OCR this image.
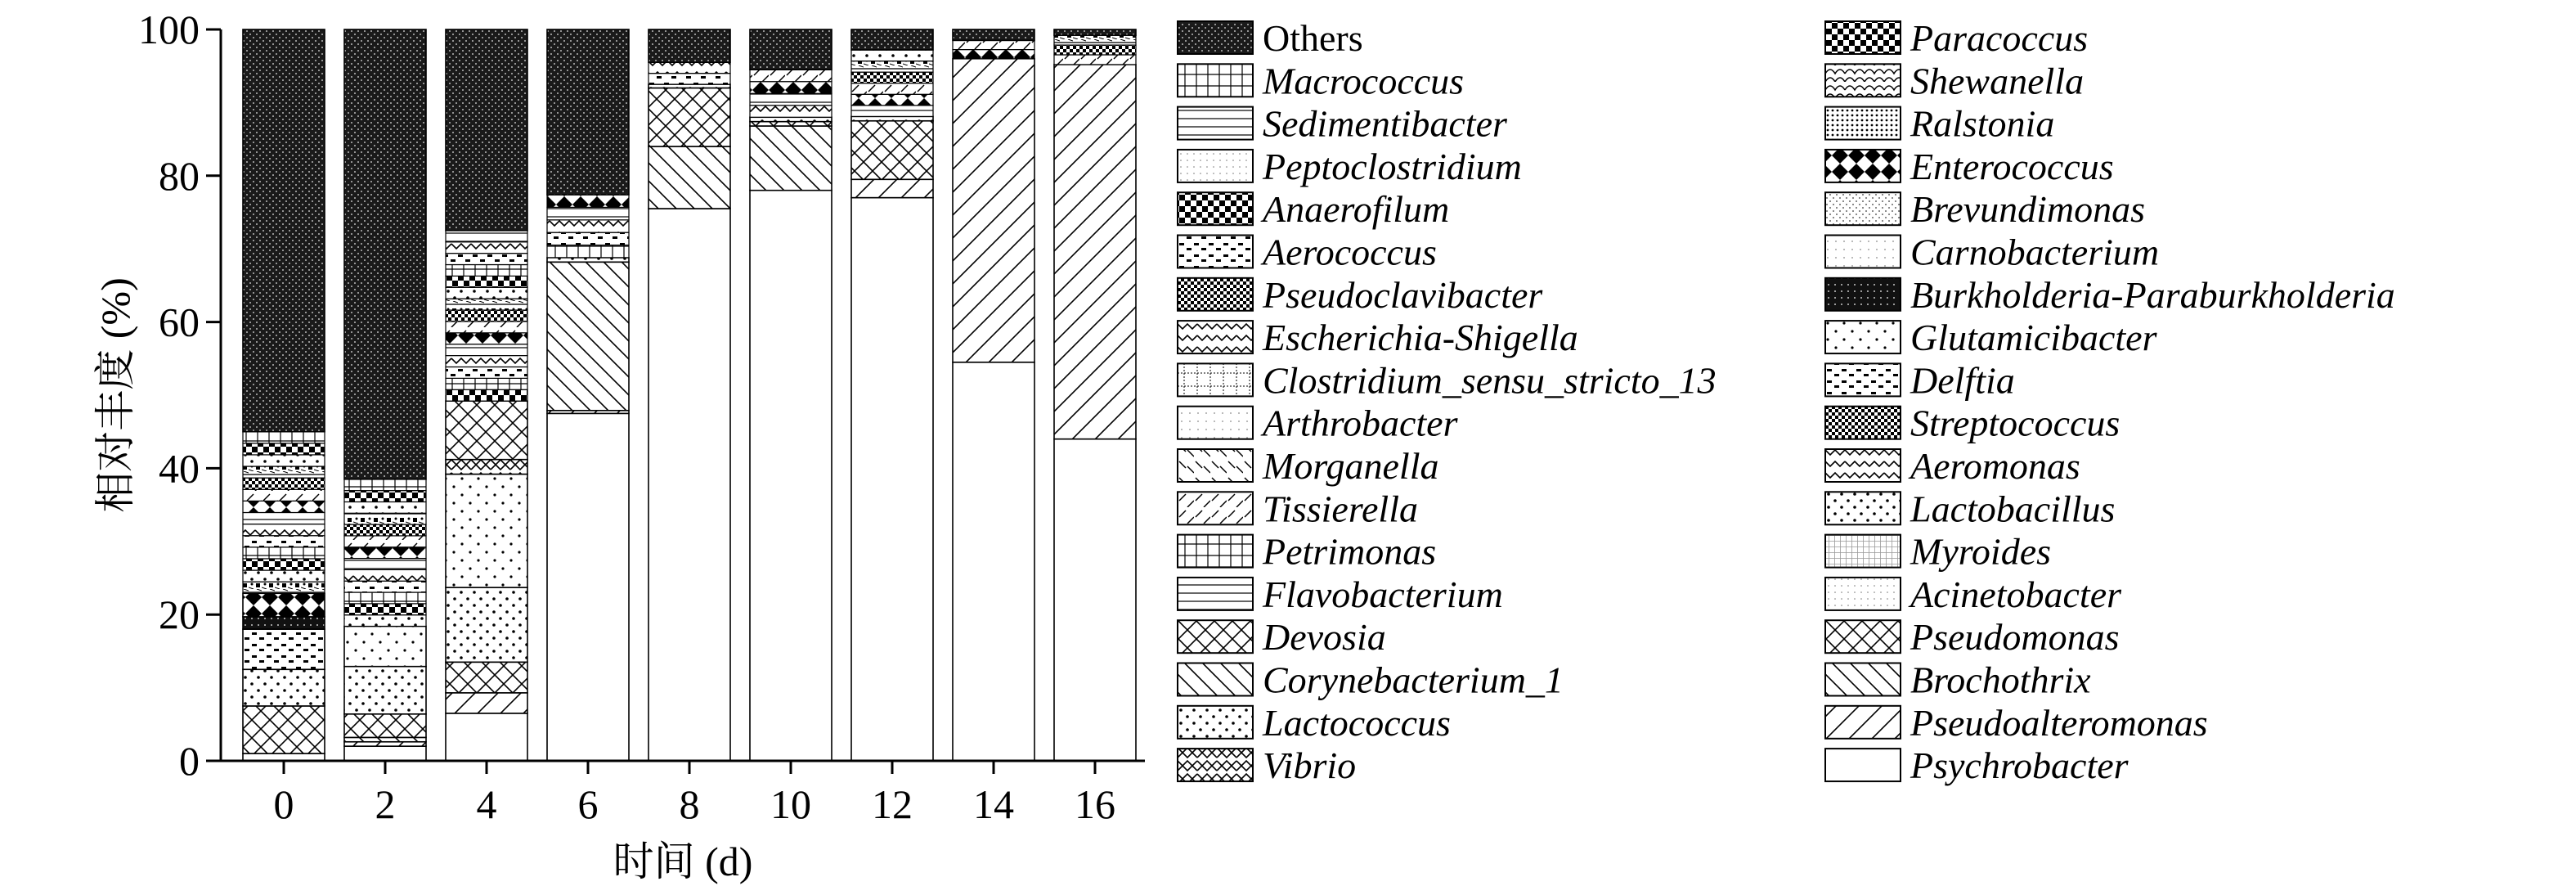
0
20
40
60
80
100
0 2 4 6 8 10 12 14 16
时间 (d)
相对丰度 (%)
Others
Macrococcus
Sedimentibacter
Peptoclostridium
Anaerofilum
Aerococcus
Pseudoclavibacter
Escherichia-Shigella
Clostridium_sensu_stricto_13
Arthrobacter
Morganella
Tissierella
Petrimonas
Flavobacterium
Devosia
Corynebacterium_1
Lactococcus
Vibrio
Paracoccus
Shewanella
Ralstonia
Enterococcus
Brevundimonas
Carnobacterium
Burkholderia-Paraburkholderia
Glutamicibacter
Delftia
Streptococcus
Aeromonas
Lactobacillus
Myroides
Acinetobacter
Pseudomonas
Brochothrix
Pseudoalteromonas
Psychrobacter
